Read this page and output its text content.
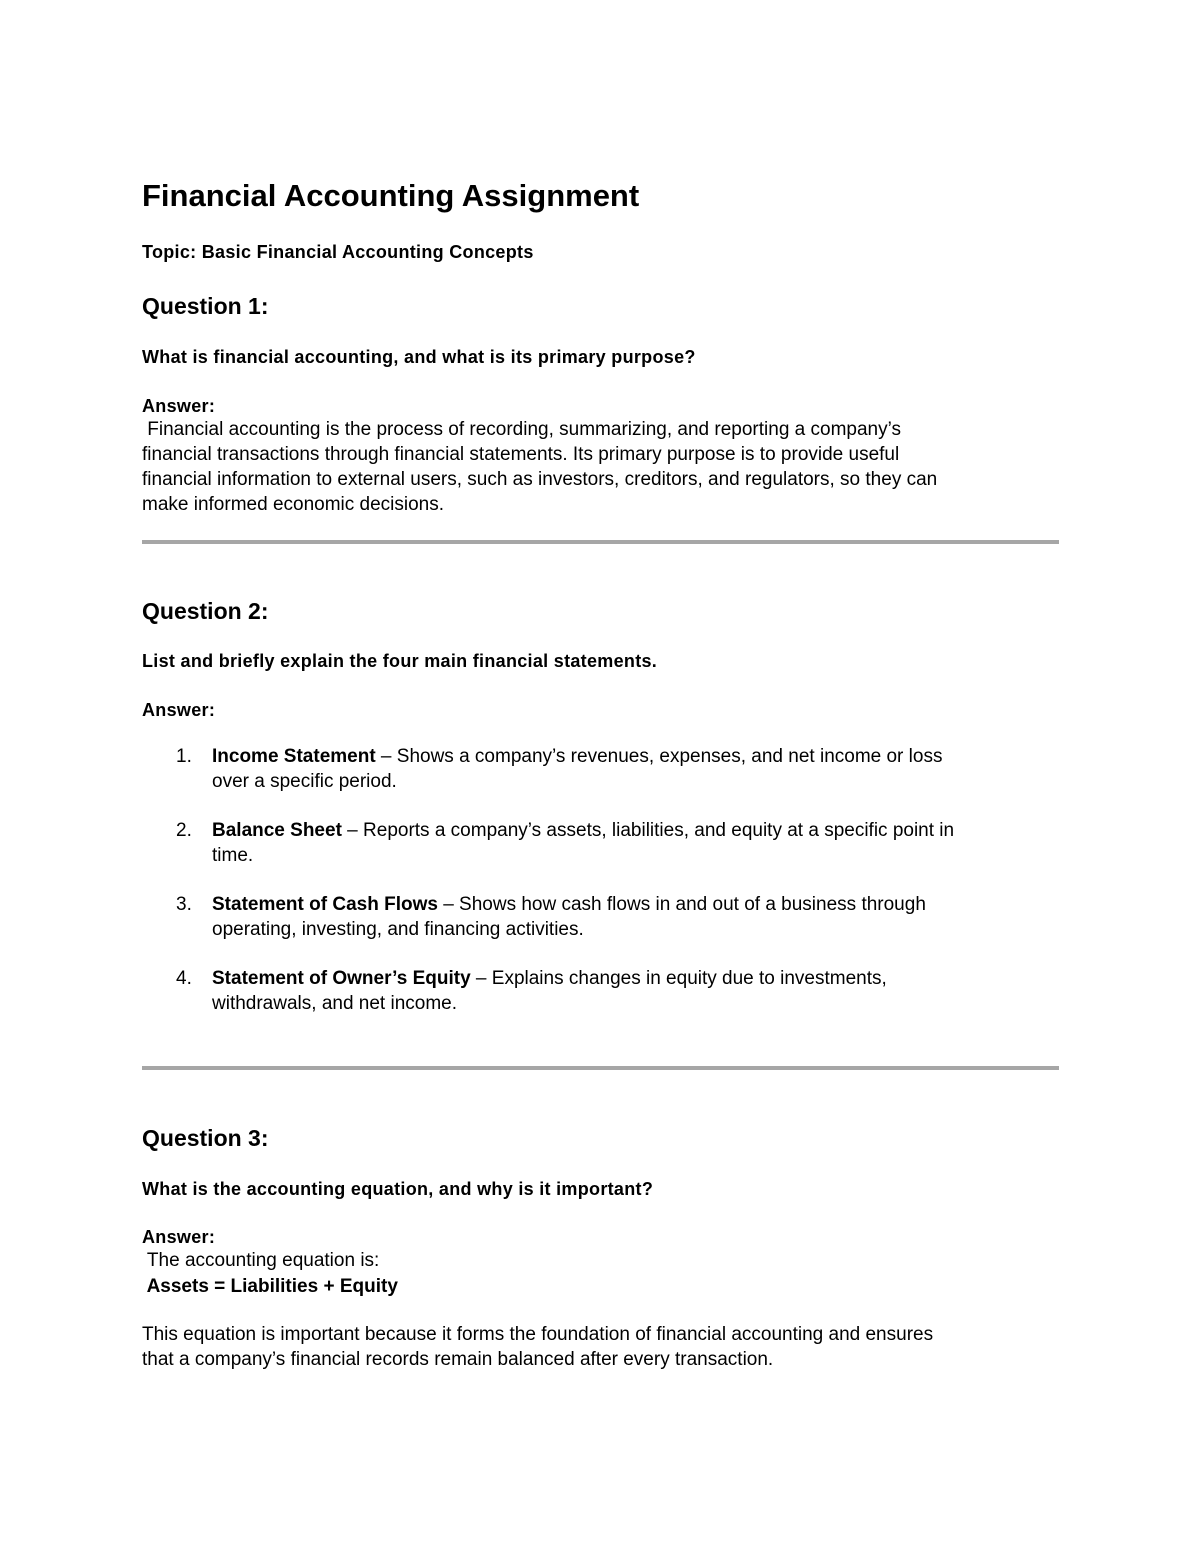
Financial Accounting Assignment
Topic: Basic Financial Accounting Concepts
Question 1:
What is financial accounting, and what is its primary purpose?
Answer:
Financial accounting is the process of recording, summarizing, and reporting a company’s
financial transactions through financial statements. Its primary purpose is to provide useful
financial information to external users, such as investors, creditors, and regulators, so they can
make informed economic decisions.
Question 2:
List and briefly explain the four main financial statements.
Answer:
1. Income Statement – Shows a company’s revenues, expenses, and net income or loss
over a specific period.
2. Balance Sheet – Reports a company’s assets, liabilities, and equity at a specific point in
time.
3. Statement of Cash Flows – Shows how cash flows in and out of a business through
operating, investing, and financing activities.
4. Statement of Owner’s Equity – Explains changes in equity due to investments,
withdrawals, and net income.
Question 3:
What is the accounting equation, and why is it important?
Answer:
The accounting equation is:
Assets = Liabilities + Equity
This equation is important because it forms the foundation of financial accounting and ensures
that a company’s financial records remain balanced after every transaction.
